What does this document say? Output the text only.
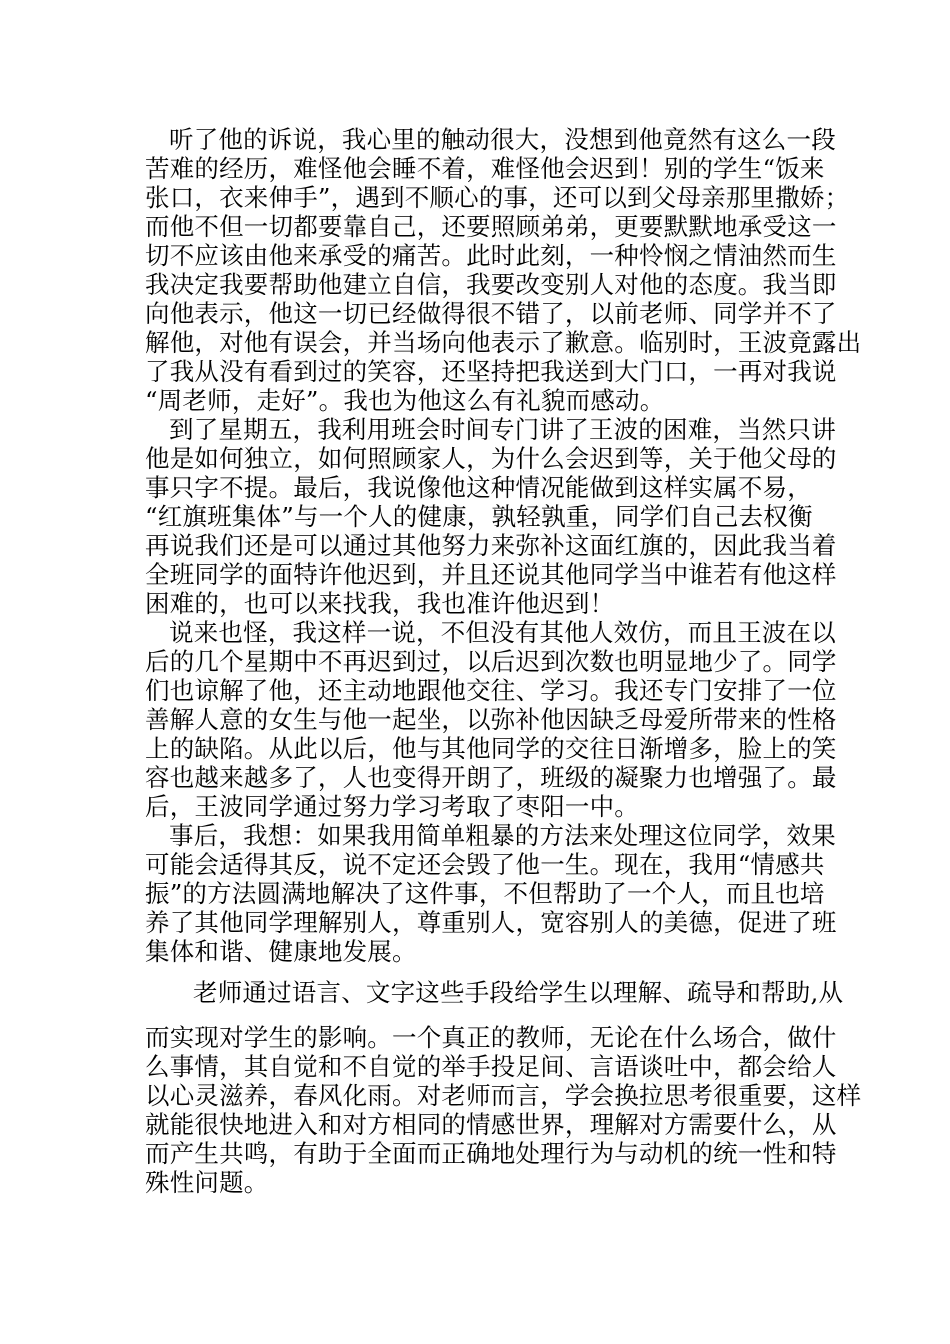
听了他的诉说，我心里的触动很大，没想到他竟然有这么一段
苦难的经历，难怪他会睡不着，难怪他会迟到！别的学生“饭来
张口，衣来伸手”，遇到不顺心的事，还可以到父母亲那里撒娇；
而他不但一切都要靠自己，还要照顾弟弟，更要默默地承受这一
切不应该由他来承受的痛苦。此时此刻，一种怜悯之情油然而生
我决定我要帮助他建立自信，我要改变别人对他的态度。我当即
向他表示，他这一切已经做得很不错了，以前老师、同学并不了
解他，对他有误会，并当场向他表示了歉意。临别时，王波竟露出
了我从没有看到过的笑容，还坚持把我送到大门口，一再对我说
“周老师，走好”。我也为他这么有礼貌而感动。
到了星期五，我利用班会时间专门讲了王波的困难，当然只讲
他是如何独立，如何照顾家人，为什么会迟到等，关于他父母的
事只字不提。最后，我说像他这种情况能做到这样实属不易，
“红旗班集体”与一个人的健康，孰轻孰重，同学们自己去权衡
再说我们还是可以通过其他努力来弥补这面红旗的，因此我当着
全班同学的面特许他迟到，并且还说其他同学当中谁若有他这样
困难的，也可以来找我，我也准许他迟到！
说来也怪，我这样一说，不但没有其他人效仿，而且王波在以
后的几个星期中不再迟到过，以后迟到次数也明显地少了。同学
们也谅解了他，还主动地跟他交往、学习。我还专门安排了一位
善解人意的女生与他一起坐，以弥补他因缺乏母爱所带来的性格
上的缺陷。从此以后，他与其他同学的交往日渐增多，脸上的笑
容也越来越多了，人也变得开朗了，班级的凝聚力也增强了。最
后，王波同学通过努力学习考取了枣阳一中。
事后，我想：如果我用简单粗暴的方法来处理这位同学，效果
可能会适得其反，说不定还会毁了他一生。现在，我用“情感共
振”的方法圆满地解决了这件事，不但帮助了一个人，而且也培
养了其他同学理解别人，尊重别人，宽容别人的美德，促进了班
集体和谐、健康地发展。
老师通过语言、文字这些手段给学生以理解、疏导和帮助,从
而实现对学生的影响。一个真正的教师，无论在什么场合，做什
么事情，其自觉和不自觉的举手投足间、言语谈吐中，都会给人
以心灵滋养，春风化雨。对老师而言，学会换拉思考很重要，这样
就能很快地进入和对方相同的情感世界，理解对方需要什么，从
而产生共鸣，有助于全面而正确地处理行为与动机的统一性和特
殊性问题。
